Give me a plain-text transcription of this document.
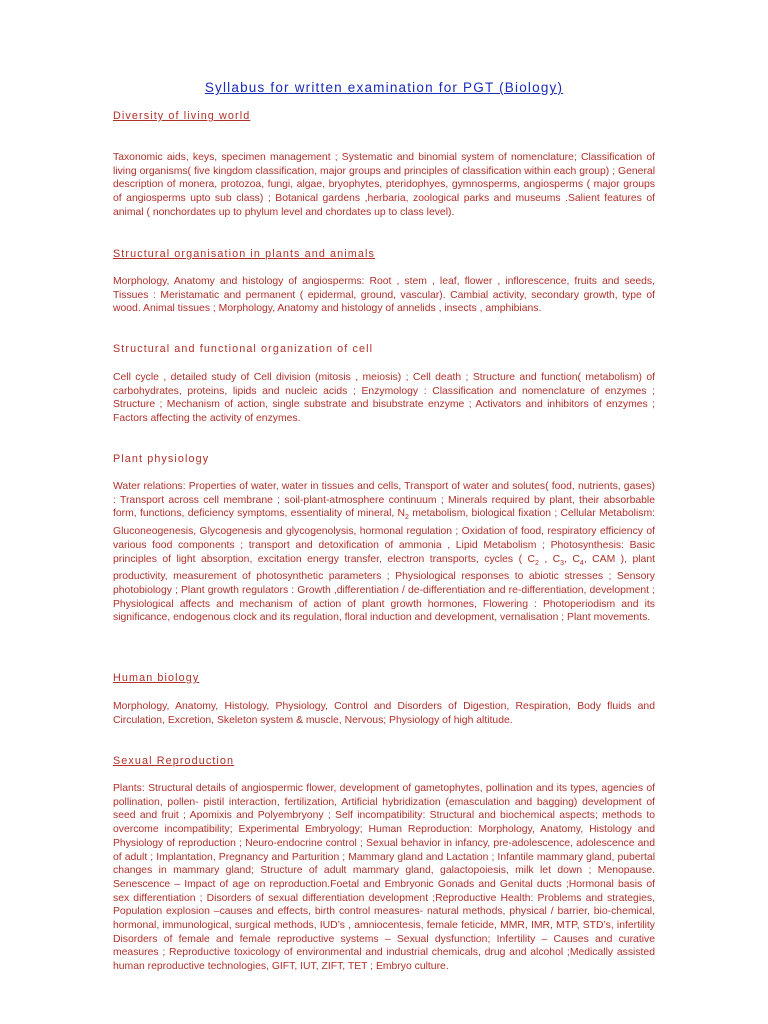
Syllabus for written examination for PGT (Biology)
Diversity of living world

Taxonomic aids, keys, specimen management ; Systematic and binomial system of nomenclature; Classification of living organisms( five kingdom classification, major groups and principles of classification within each group) ; General description of monera, protozoa, fungi, algae, bryophytes, pteridophyes, gymnosperms, angiosperms ( major groups of angiosperms upto sub class) ; Botanical gardens ,herbaria, zoological parks and museums .Salient features of animal ( nonchordates up to phylum level and chordates up to class level).

Structural organisation in plants and animals

Morphology, Anatomy and histology of angiosperms: Root , stem , leaf, flower , inflorescence, fruits and seeds, Tissues : Meristamatic and permanent ( epidermal, ground, vascular). Cambial activity, secondary growth, type of wood. Animal tissues ; Morphology, Anatomy and histology of annelids , insects , amphibians.

Structural and functional organization of cell

Cell cycle , detailed study of Cell division (mitosis , meiosis) ; Cell death ; Structure and function( metabolism) of carbohydrates, proteins, lipids and nucleic acids ; Enzymology : Classification and nomenclature of enzymes ; Structure ; Mechanism of action, single substrate and bisubstrate enzyme ; Activators and inhibitors of enzymes ; Factors affecting the activity of enzymes.

Plant physiology

Water relations: Properties of water, water in tissues and cells, Transport of water and solutes( food, nutrients, gases) : Transport across cell membrane ; soil-plant-atmosphere continuum ; Minerals required by plant, their absorbable form, functions, deficiency symptoms, essentiality of mineral, $N_2$ metabolism, biological fixation ; Cellular Metabolism: Gluconeogenesis, Glycogenesis and glycogenolysis, hormonal regulation ; Oxidation of food, respiratory efficiency of various food components ; transport and detoxification of ammonia , Lipid Metabolism ; Photosynthesis: Basic principles of light absorption, excitation energy transfer, electron transports, cycles ( $C_2$ , $C_3$, $C_4$, CAM ), plant productivity, measurement of photosynthetic parameters ; Physiological responses to abiotic stresses ; Sensory photobiology ; Plant growth regulators : Growth ,differentiation / de-differentiation and re-differentiation, development ; Physiological affects and mechanism of action of plant growth hormones, Flowering : Photoperiodism and its significance, endogenous clock and its regulation, floral induction and development, vernalisation ; Plant movements.

Human biology

Morphology, Anatomy, Histology, Physiology, Control and Disorders of Digestion, Respiration, Body fluids and Circulation, Excretion, Skeleton system & muscle, Nervous; Physiology of high altitude.

Sexual Reproduction

Plants: Structural details of angiospermic flower, development of gametophytes, pollination and its types, agencies of pollination, pollen- pistil interaction, fertilization, Artificial hybridization (emasculation and bagging) development of seed and fruit ; Apomixis and Polyembryony ; Self incompatibility: Structural and biochemical aspects; methods to overcome incompatibility; Experimental Embryology; Human Reproduction: Morphology, Anatomy, Histology and Physiology of reproduction ; Neuro-endocrine control ; Sexual behavior in infancy, pre-adolescence, adolescence and of adult ; Implantation, Pregnancy and Parturition ; Mammary gland and Lactation ; Infantile mammary gland, pubertal changes in mammary gland; Structure of adult mammary gland, galactopoiesis, milk let down ; Menopause. Senescence – Impact of age on reproduction.Foetal and Embryonic Gonads and Genital ducts ;Hormonal basis of sex differentiation ; Disorders of sexual differentiation development ;Reproductive Health: Problems and strategies, Population explosion –causes and effects, birth control measures- natural methods, physical / barrier, bio-chemical, hormonal, immunological, surgical methods, IUD’s , amniocentesis, female feticide, MMR, IMR, MTP, STD’s, infertility Disorders of female and female reproductive systems – Sexual dysfunction; Infertility – Causes and curative measures ; Reproductive toxicology of environmental and industrial chemicals, drug and alcohol ;Medically assisted human reproductive technologies, GIFT, IUT, ZIFT, TET ; Embryo culture.
